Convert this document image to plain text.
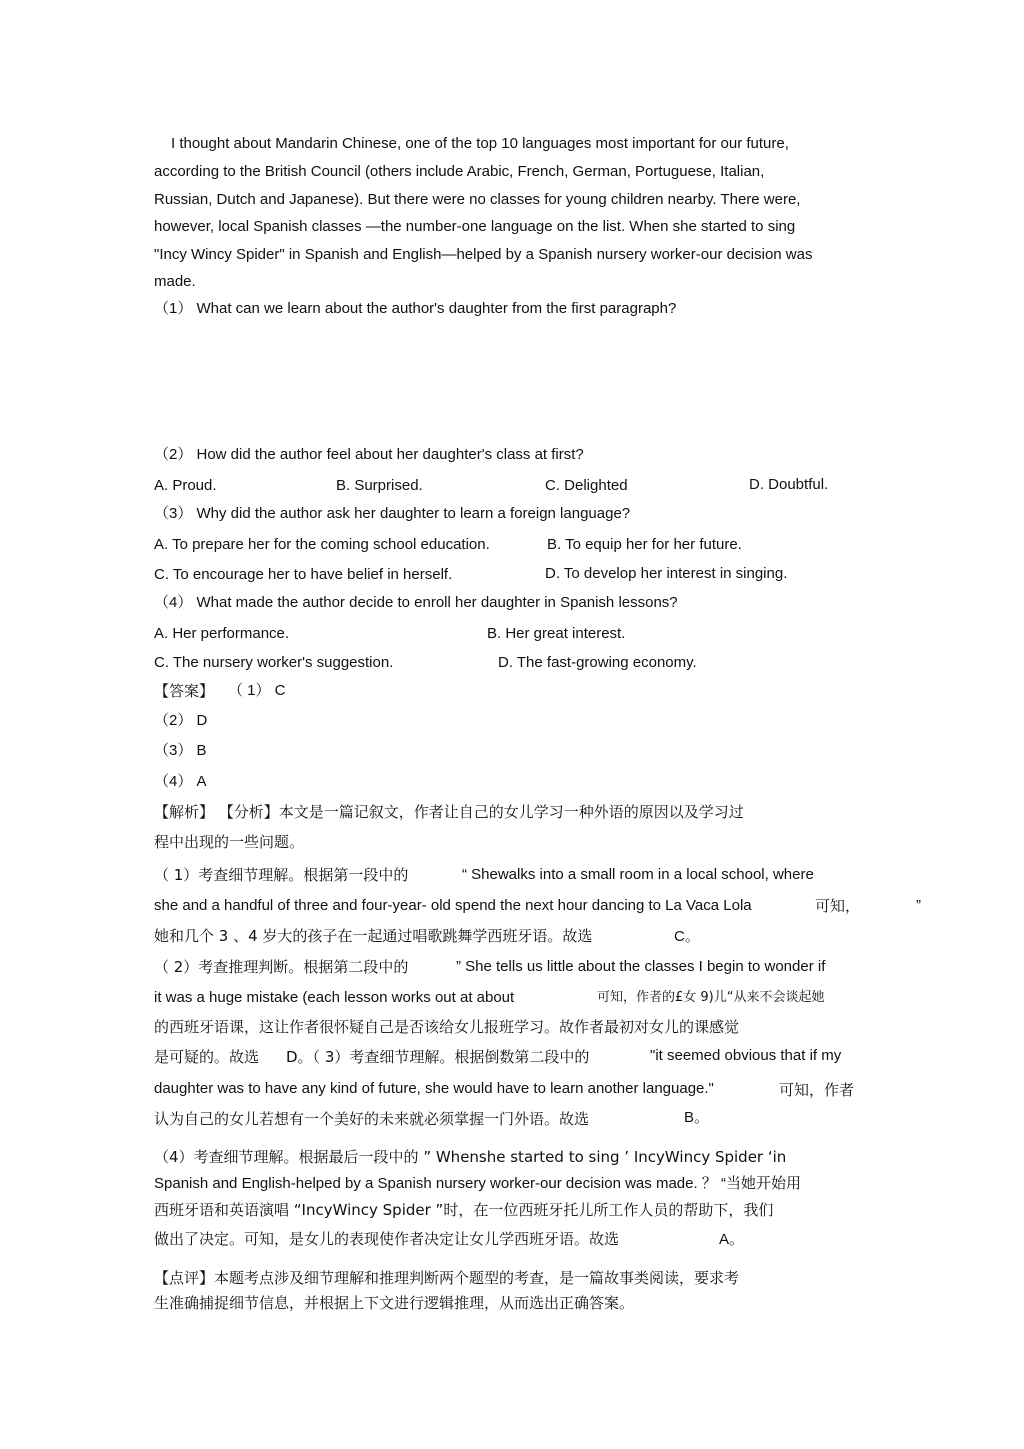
I thought about Mandarin Chinese, one of the top 10 languages most important for our future,
according to the British Council (others include Arabic, French, German, Portuguese, Italian,
Russian, Dutch and Japanese). But there were no classes for young children nearby. There were,
however, local Spanish classes —the number-one language on the list. When she started to sing
"Incy Wincy Spider" in Spanish and English—helped by a Spanish nursery worker-our decision was
made.
（1） What can we learn about the author's daughter from the first paragraph?
（2） How did the author feel about her daughter's class at first?
A. Proud.	B. Surprised.	C. Delighted	D. Doubtful.
（3） Why did the author ask her daughter to learn a foreign language?
A. To prepare her for the coming school education.	B. To equip her for her future.
C. To encourage her to have belief in herself.	D. To develop her interest in singing.
（4） What made the author decide to enroll her daughter in Spanish lessons?
A. Her performance.	B. Her great interest.
C. The nursery worker's suggestion.	D. The fast-growing economy.
【答案】 （ 1） C
（2） D
（3） B
（4） A
【解析】 【分析】本文是一篇记叙文，作者让自己的女儿学习一种外语的原因以及学习过
程中出现的一些问题。
（ 1）考查细节理解。根据第一段中的	“ Shewalks into a small room in a local school, where
she and a handful of three and four-year- old spend the next hour dancing to La Vaca Lola	可知，	”
她和几个 3 、4 岁大的孩子在一起通过唱歌跳舞学西班牙语。故选	C。
（ 2）考查推理判断。根据第二段中的	” She tells us little about the classes I begin to wonder if
it was a huge mistake (each lesson works out at about	可知，作者的£女 9)儿“从来不会谈起她
的西班牙语课，这让作者很怀疑自己是否该给女儿报班学习。故作者最初对女儿的课感觉
是可疑的。故选 D。（ 3）考查细节理解。根据倒数第二段中的	"it seemed obvious that if my
daughter was to have any kind of future, she would have to learn another language."	可知，作者
认为自己的女儿若想有一个美好的未来就必须掌握一门外语。故选	B。
（4）考查细节理解。根据最后一段中的 ” Whenshe started to sing ’ IncyWincy Spider ‘in
Spanish and English-helped by a Spanish nursery worker-our decision was made. ？ “当她开始用
西班牙语和英语演唱 “IncyWincy Spider ”时，在一位西班牙托儿所工作人员的帮助下，我们
做出了决定。可知，是女儿的表现使作者决定让女儿学西班牙语。故选	A。
【点评】本题考点涉及细节理解和推理判断两个题型的考查，是一篇故事类阅读，要求考
生准确捕捉细节信息，并根据上下文进行逻辑推理，从而选出正确答案。
